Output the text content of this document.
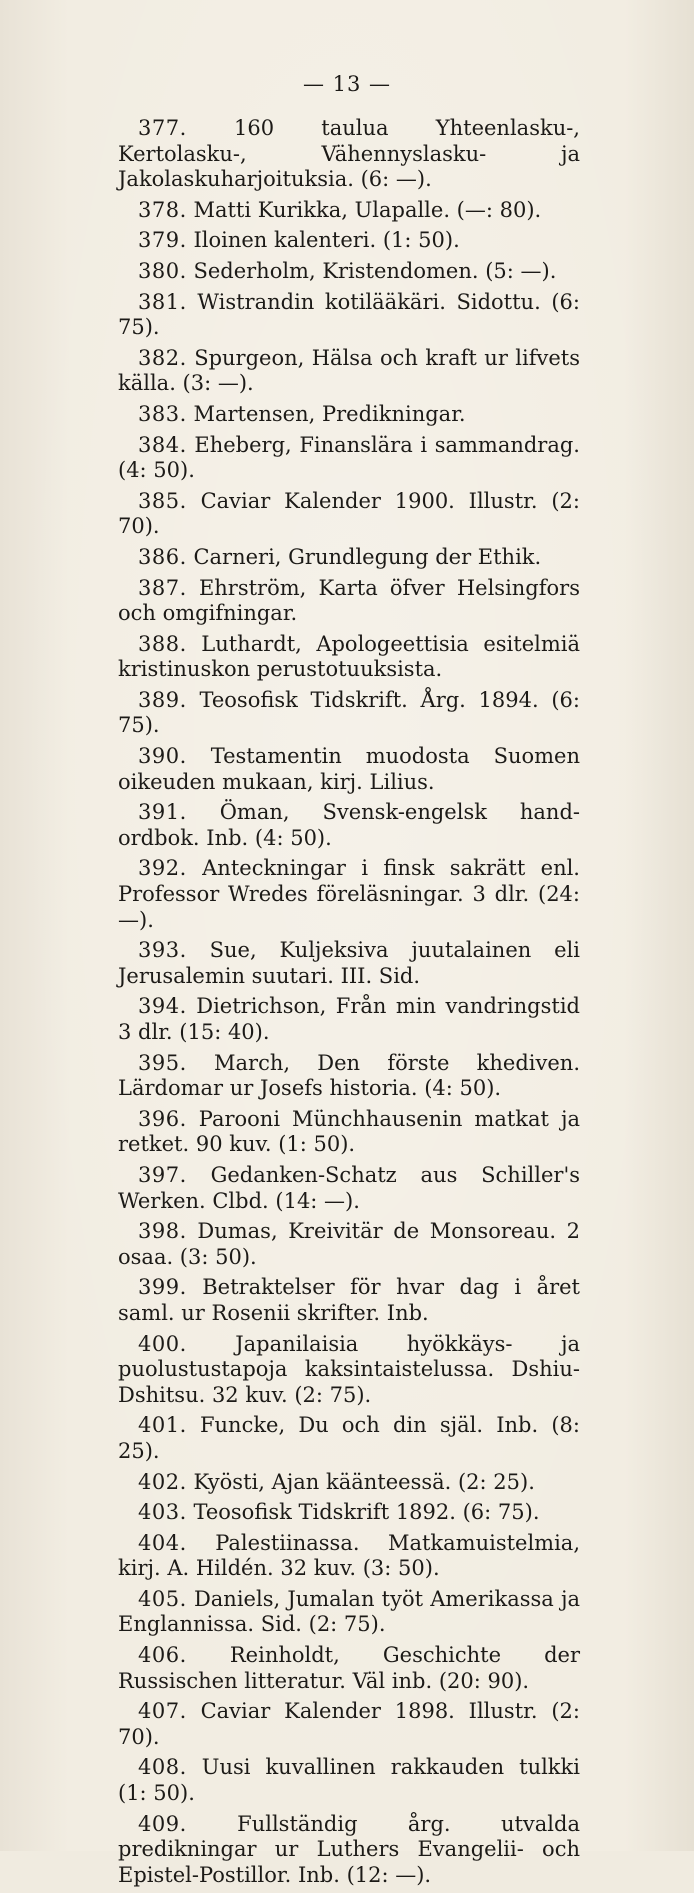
— 13 —

377. 160 taulua Yhteenlasku-, Kertolasku-, Vähennyslasku- ja Jakolaskuharjoituksia. (6: —).

378. Matti Kurikka, Ulapalle. (—: 80).

379. Iloinen kalenteri. (1: 50).

380. Sederholm, Kristendomen. (5: —).

381. Wistrandin kotilääkäri. Sidottu. (6: 75).

382. Spurgeon, Hälsa och kraft ur lifvets källa. (3: —).

383. Martensen, Predikningar.

384. Eheberg, Finanslära i sammandrag. (4: 50).

385. Caviar Kalender 1900. Illustr. (2: 70).

386. Carneri, Grundlegung der Ethik.

387. Ehrström, Karta öfver Helsingfors och omgifningar.

388. Luthardt, Apologeettisia esitelmiä kristinuskon perustotuuksista.

389. Teosofisk Tidskrift. Årg. 1894. (6: 75).

390. Testamentin muodosta Suomen oikeuden mukaan, kirj. Lilius.

391. Öman, Svensk-engelsk hand-ordbok. Inb. (4: 50).

392. Anteckningar i finsk sakrätt enl. Professor Wredes föreläsningar. 3 dlr. (24: —).

393. Sue, Kuljeksiva juutalainen eli Jerusalemin suutari. III. Sid.

394. Dietrichson, Från min vandringstid 3 dlr. (15: 40).

395. March, Den förste khediven. Lärdomar ur Josefs historia. (4: 50).

396. Parooni Münchhausenin matkat ja retket. 90 kuv. (1: 50).

397. Gedanken-Schatz aus Schiller's Werken. Clbd. (14: —).

398. Dumas, Kreivitär de Monsoreau. 2 osaa. (3: 50).

399. Betraktelser för hvar dag i året saml. ur Rosenii skrifter. Inb.

400. Japanilaisia hyökkäys- ja puolustustapoja kaksintaistelussa. Dshiu-Dshitsu. 32 kuv. (2: 75).

401. Funcke, Du och din själ. Inb. (8: 25).

402. Kyösti, Ajan käänteessä. (2: 25).

403. Teosofisk Tidskrift 1892. (6: 75).

404. Palestiinassa. Matkamuistelmia, kirj. A. Hildén. 32 kuv. (3: 50).

405. Daniels, Jumalan työt Amerikassa ja Englannissa. Sid. (2: 75).

406. Reinholdt, Geschichte der Russischen litteratur. Väl inb. (20: 90).

407. Caviar Kalender 1898. Illustr. (2: 70).

408. Uusi kuvallinen rakkauden tulkki (1: 50).

409. Fullständig årg. utvalda predikningar ur Luthers Evangelii- och Epistel-Postillor. Inb. (12: —).
